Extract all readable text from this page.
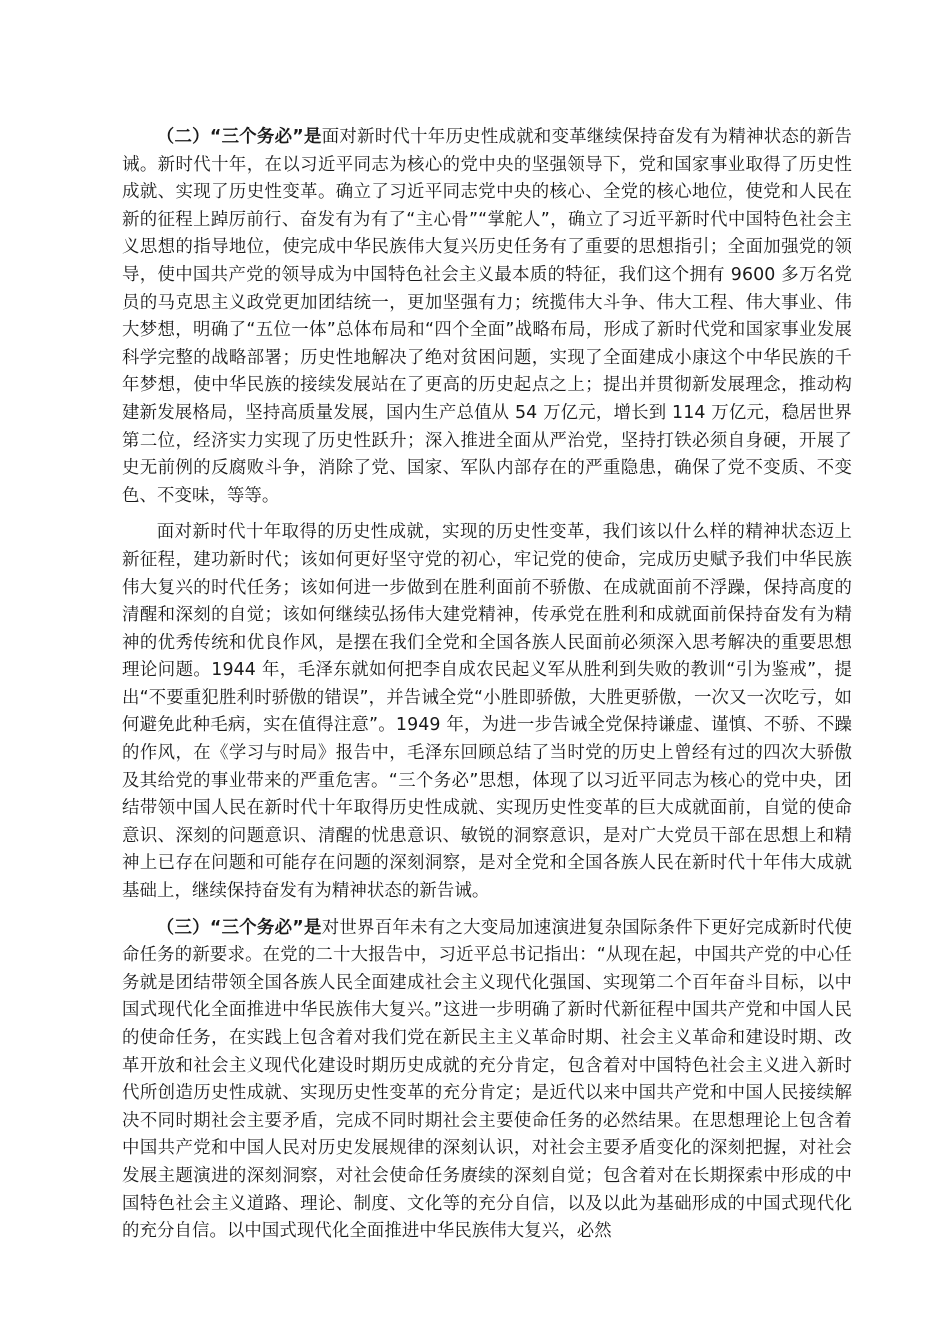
（二）“三个务必”是面对新时代十年历史性成就和变革继续保持奋发有为精神状态的新告诫。新时代十年，在以习近平同志为核心的党中央的坚强领导下，党和国家事业取得了历史性成就、实现了历史性变革。确立了习近平同志党中央的核心、全党的核心地位，使党和人民在新的征程上踔厉前行、奋发有为有了“主心骨”“掌舵人”，确立了习近平新时代中国特色社会主义思想的指导地位，使完成中华民族伟大复兴历史任务有了重要的思想指引；全面加强党的领导，使中国共产党的领导成为中国特色社会主义最本质的特征，我们这个拥有 9600 多万名党员的马克思主义政党更加团结统一，更加坚强有力；统揽伟大斗争、伟大工程、伟大事业、伟大梦想，明确了“五位一体”总体布局和“四个全面”战略布局，形成了新时代党和国家事业发展科学完整的战略部署；历史性地解决了绝对贫困问题，实现了全面建成小康这个中华民族的千年梦想，使中华民族的接续发展站在了更高的历史起点之上；提出并贯彻新发展理念，推动构建新发展格局，坚持高质量发展，国内生产总值从 54 万亿元，增长到 114 万亿元，稳居世界第二位，经济实力实现了历史性跃升；深入推进全面从严治党，坚持打铁必须自身硬，开展了史无前例的反腐败斗争，消除了党、国家、军队内部存在的严重隐患，确保了党不变质、不变色、不变味，等等。

面对新时代十年取得的历史性成就，实现的历史性变革，我们该以什么样的精神状态迈上新征程，建功新时代；该如何更好坚守党的初心，牢记党的使命，完成历史赋予我们中华民族伟大复兴的时代任务；该如何进一步做到在胜利面前不骄傲、在成就面前不浮躁，保持高度的清醒和深刻的自觉；该如何继续弘扬伟大建党精神，传承党在胜利和成就面前保持奋发有为精神的优秀传统和优良作风，是摆在我们全党和全国各族人民面前必须深入思考解决的重要思想理论问题。1944 年，毛泽东就如何把李自成农民起义军从胜利到失败的教训“引为鉴戒”，提出“不要重犯胜利时骄傲的错误”，并告诫全党“小胜即骄傲，大胜更骄傲，一次又一次吃亏，如何避免此种毛病，实在值得注意”。1949 年，为进一步告诫全党保持谦虚、谨慎、不骄、不躁的作风，在《学习与时局》报告中，毛泽东回顾总结了当时党的历史上曾经有过的四次大骄傲及其给党的事业带来的严重危害。“三个务必”思想，体现了以习近平同志为核心的党中央，团结带领中国人民在新时代十年取得历史性成就、实现历史性变革的巨大成就面前，自觉的使命意识、深刻的问题意识、清醒的忧患意识、敏锐的洞察意识，是对广大党员干部在思想上和精神上已存在问题和可能存在问题的深刻洞察，是对全党和全国各族人民在新时代十年伟大成就基础上，继续保持奋发有为精神状态的新告诫。

（三）“三个务必”是对世界百年未有之大变局加速演进复杂国际条件下更好完成新时代使命任务的新要求。在党的二十大报告中，习近平总书记指出：“从现在起，中国共产党的中心任务就是团结带领全国各族人民全面建成社会主义现代化强国、实现第二个百年奋斗目标，以中国式现代化全面推进中华民族伟大复兴。”这进一步明确了新时代新征程中国共产党和中国人民的使命任务，在实践上包含着对我们党在新民主主义革命时期、社会主义革命和建设时期、改革开放和社会主义现代化建设时期历史成就的充分肯定，包含着对中国特色社会主义进入新时代所创造历史性成就、实现历史性变革的充分肯定；是近代以来中国共产党和中国人民接续解决不同时期社会主要矛盾，完成不同时期社会主要使命任务的必然结果。在思想理论上包含着中国共产党和中国人民对历史发展规律的深刻认识，对社会主要矛盾变化的深刻把握，对社会发展主题演进的深刻洞察，对社会使命任务赓续的深刻自觉；包含着对在长期探索中形成的中国特色社会主义道路、理论、制度、文化等的充分自信，以及以此为基础形成的中国式现代化的充分自信。以中国式现代化全面推进中华民族伟大复兴，必然
